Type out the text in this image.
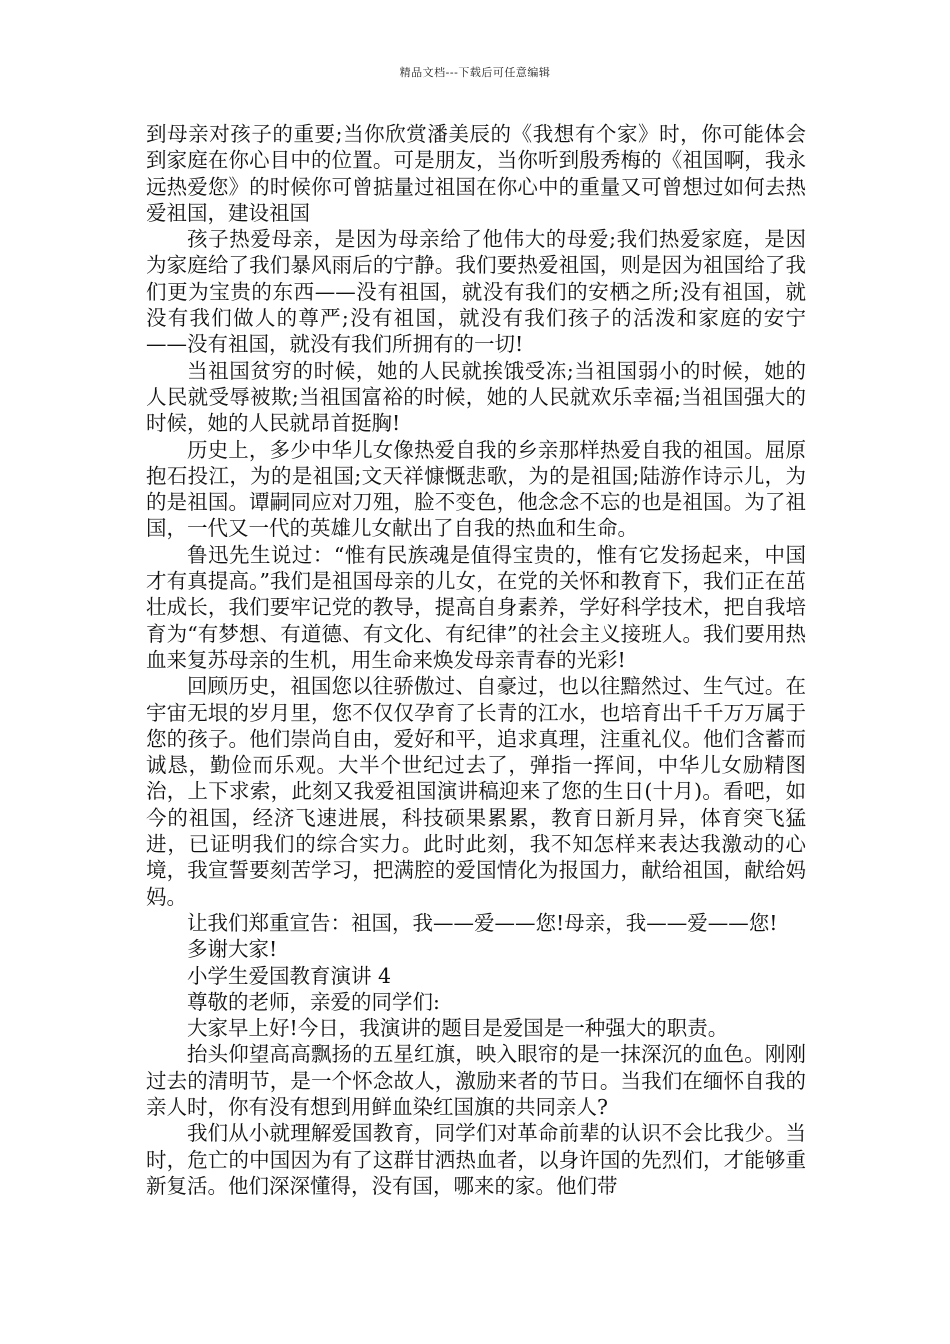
精品文档---下载后可任意编辑

到母亲对孩子的重要;当你欣赏潘美辰的《我想有个家》时，你可能体会到家庭在你心目中的位置。可是朋友，当你听到殷秀梅的《祖国啊，我永远热爱您》的时候你可曾掂量过祖国在你心中的重量又可曾想过如何去热爱祖国，建设祖国

孩子热爱母亲，是因为母亲给了他伟大的母爱;我们热爱家庭，是因为家庭给了我们暴风雨后的宁静。我们要热爱祖国，则是因为祖国给了我们更为宝贵的东西——没有祖国，就没有我们的安栖之所;没有祖国，就没有我们做人的尊严;没有祖国，就没有我们孩子的活泼和家庭的安宁——没有祖国，就没有我们所拥有的一切!

当祖国贫穷的时候，她的人民就挨饿受冻;当祖国弱小的时候，她的人民就受辱被欺;当祖国富裕的时候，她的人民就欢乐幸福;当祖国强大的时候，她的人民就昂首挺胸!

历史上，多少中华儿女像热爱自我的乡亲那样热爱自我的祖国。屈原抱石投江，为的是祖国;文天祥慷慨悲歌，为的是祖国;陆游作诗示儿，为的是祖国。谭嗣同应对刀殂，脸不变色，他念念不忘的也是祖国。为了祖国，一代又一代的英雄儿女献出了自我的热血和生命。

鲁迅先生说过：“惟有民族魂是值得宝贵的，惟有它发扬起来，中国才有真提高。”我们是祖国母亲的儿女，在党的关怀和教育下，我们正在茁壮成长，我们要牢记党的教导，提高自身素养，学好科学技术，把自我培育为“有梦想、有道德、有文化、有纪律”的社会主义接班人。我们要用热血来复苏母亲的生机，用生命来焕发母亲青春的光彩!

回顾历史，祖国您以往骄傲过、自豪过，也以往黯然过、生气过。在宇宙无垠的岁月里，您不仅仅孕育了长青的江水，也培育出千千万万属于您的孩子。他们崇尚自由，爱好和平，追求真理，注重礼仪。他们含蓄而诚恳，勤俭而乐观。大半个世纪过去了，弹指一挥间，中华儿女励精图治，上下求索，此刻又我爱祖国演讲稿迎来了您的生日(十月)。看吧，如今的祖国，经济飞速进展，科技硕果累累，教育日新月异，体育突飞猛进，已证明我们的综合实力。此时此刻，我不知怎样来表达我激动的心境，我宣誓要刻苦学习，把满腔的爱国情化为报国力，献给祖国，献给妈妈。

让我们郑重宣告：祖国，我——爱——您!母亲，我——爱——您!

多谢大家!

小学生爱国教育演讲 4

尊敬的老师，亲爱的同学们:

大家早上好!今日，我演讲的题目是爱国是一种强大的职责。

抬头仰望高高飘扬的五星红旗，映入眼帘的是一抹深沉的血色。刚刚过去的清明节，是一个怀念故人，激励来者的节日。当我们在缅怀自我的亲人时，你有没有想到用鲜血染红国旗的共同亲人?

我们从小就理解爱国教育，同学们对革命前辈的认识不会比我少。当时，危亡的中国因为有了这群甘洒热血者，以身许国的先烈们，才能够重新复活。他们深深懂得，没有国，哪来的家。他们带
